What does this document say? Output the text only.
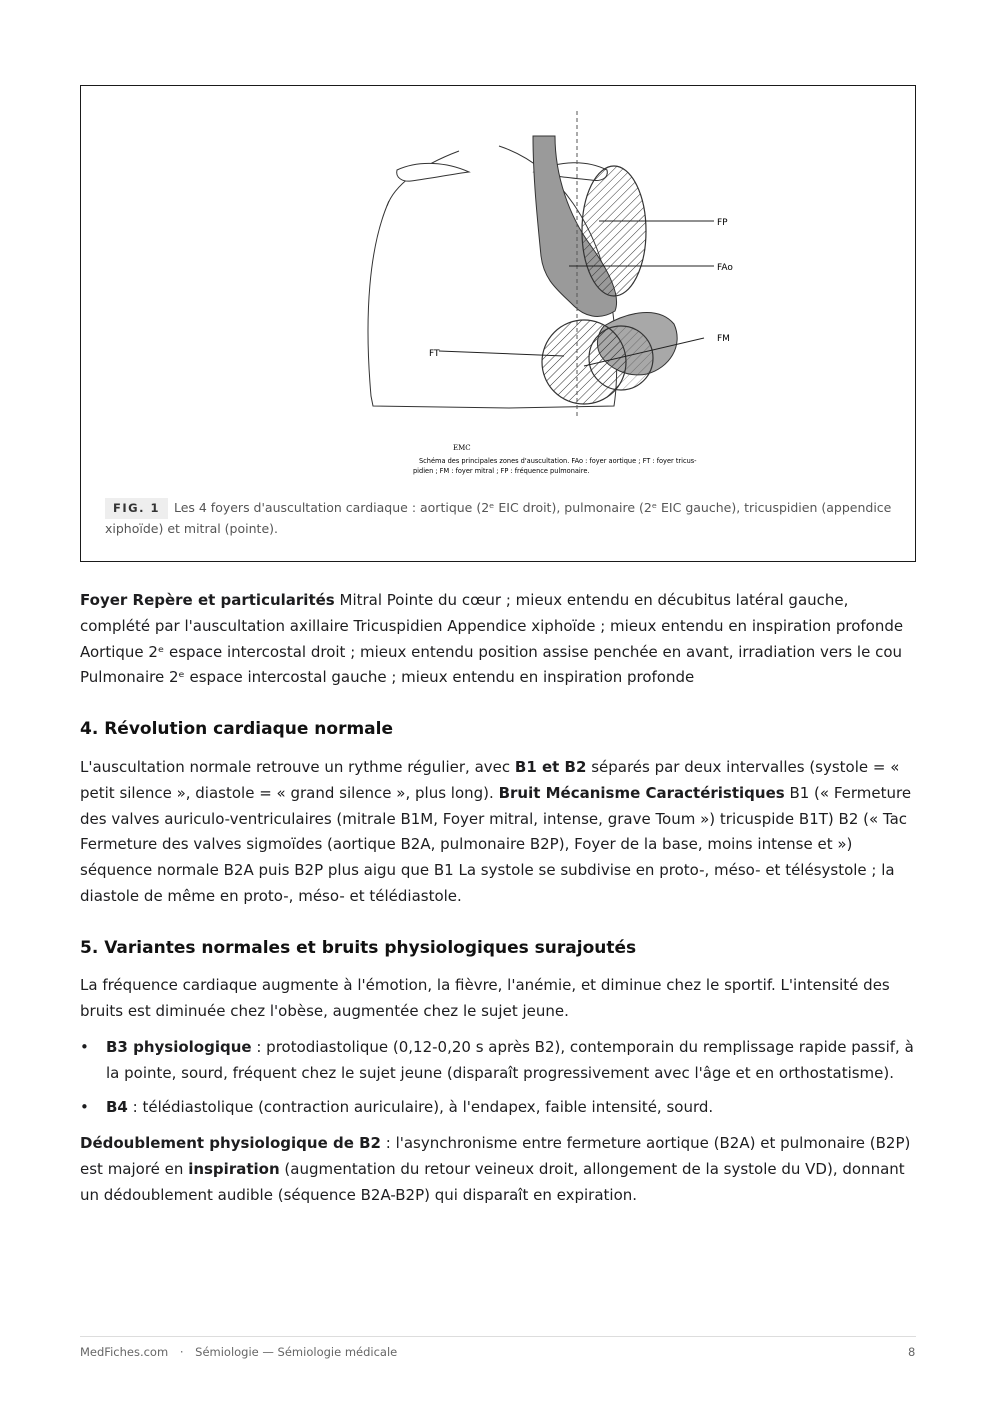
FP
FAo
FM
FT
EMC
Schéma des principales zones d'auscultation. FAo : foyer aortique ; FT : foyer tricus-
pidien ; FM : foyer mitral ; FP : fréquence pulmonaire.
FIG. 1 Les 4 foyers d'auscultation cardiaque : aortique (2ᵉ EIC droit), pulmonaire (2ᵉ EIC gauche), tricuspidien (appendice xiphoïde) et mitral (pointe).

Foyer Repère et particularités Mitral Pointe du cœur ; mieux entendu en décubitus latéral gauche, complété par l'auscultation axillaire Tricuspidien Appendice xiphoïde ; mieux entendu en inspiration profonde Aortique 2ᵉ espace intercostal droit ; mieux entendu position assise penchée en avant, irradiation vers le cou Pulmonaire 2ᵉ espace intercostal gauche ; mieux entendu en inspiration profonde

4. Révolution cardiaque normale

L'auscultation normale retrouve un rythme régulier, avec B1 et B2 séparés par deux intervalles (systole = « petit silence », diastole = « grand silence », plus long). Bruit Mécanisme Caractéristiques B1 (« Fermeture des valves auriculo-ventriculaires (mitrale B1M, Foyer mitral, intense, grave Toum ») tricuspide B1T) B2 (« Tac Fermeture des valves sigmoïdes (aortique B2A, pulmonaire B2P), Foyer de la base, moins intense et ») séquence normale B2A puis B2P plus aigu que B1 La systole se subdivise en proto-, méso- et télésystole ; la diastole de même en proto-, méso- et télédiastole.

5. Variantes normales et bruits physiologiques surajoutés

La fréquence cardiaque augmente à l'émotion, la fièvre, l'anémie, et diminue chez le sportif. L'intensité des bruits est diminuée chez l'obèse, augmentée chez le sujet jeune.

• B3 physiologique : protodiastolique (0,12-0,20 s après B2), contemporain du remplissage rapide passif, à la pointe, sourd, fréquent chez le sujet jeune (disparaît progressivement avec l'âge et en orthostatisme).
• B4 : télédiastolique (contraction auriculaire), à l'endapex, faible intensité, sourd.

Dédoublement physiologique de B2 : l'asynchronisme entre fermeture aortique (B2A) et pulmonaire (B2P) est majoré en inspiration (augmentation du retour veineux droit, allongement de la systole du VD), donnant un dédoublement audible (séquence B2A-B2P) qui disparaît en expiration.

MedFiches.com · Sémiologie — Sémiologie médicale	8
